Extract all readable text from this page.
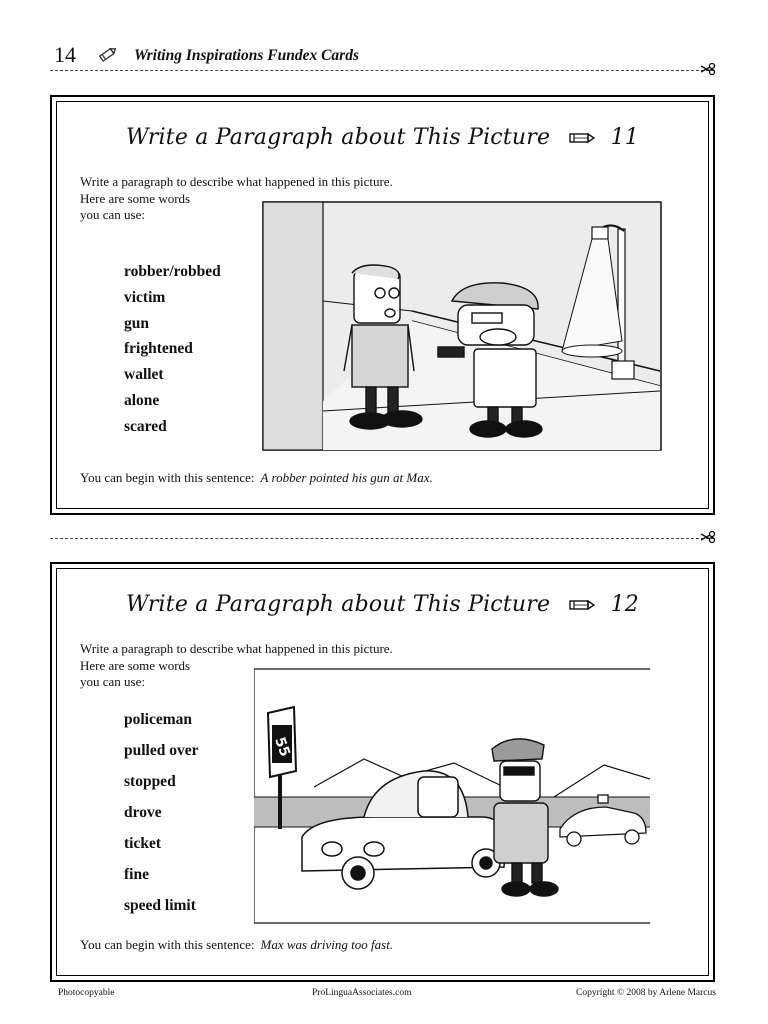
14	Writing Inspirations Fundex Cards
Write a Paragraph about This Picture	11
Write a paragraph to describe what happened in this picture.
Here are some words
you can use:
robber/robbed
victim
gun
frightened
wallet
alone
scared
You can begin with this sentence: A robber pointed his gun at Max.
Write a Paragraph about This Picture	12
Write a paragraph to describe what happened in this picture.
Here are some words
you can use:
policeman
pulled over
stopped
drove
ticket
fine
speed limit
55
You can begin with this sentence: Max was driving too fast.
Photocopyable	ProLinguaAssociates.com	Copyright © 2008 by Arlene Marcus
